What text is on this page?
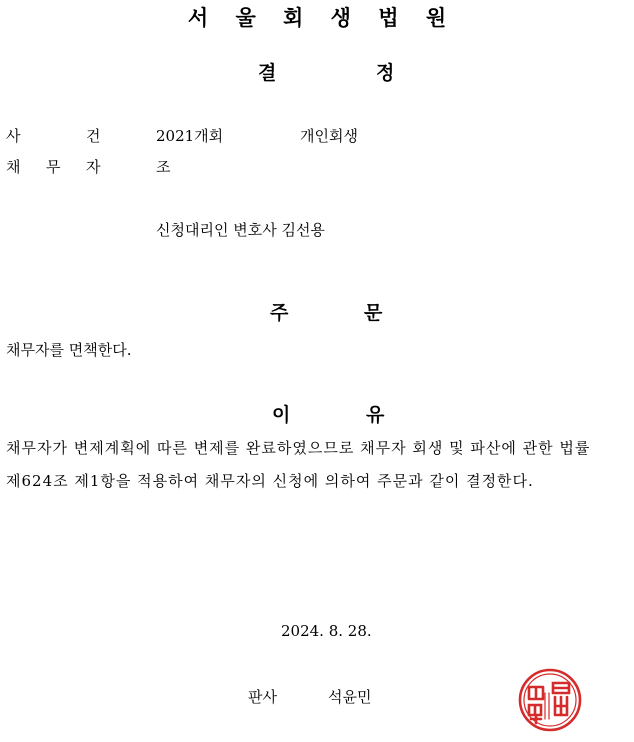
서 울 회 생 법 원
결	정
사	건	2021개회	개인회생
채 무 자	조
신청대리인 변호사 김선용
주	문
채무자를 면책한다.
이	유
채무자가 변제계획에 따른 변제를 완료하였으므로 채무자 회생 및 파산에 관한 법률
제624조 제1항을 적용하여 채무자의 신청에 의하여 주문과 같이 결정한다.
2024. 8. 28.
판사	석윤민
